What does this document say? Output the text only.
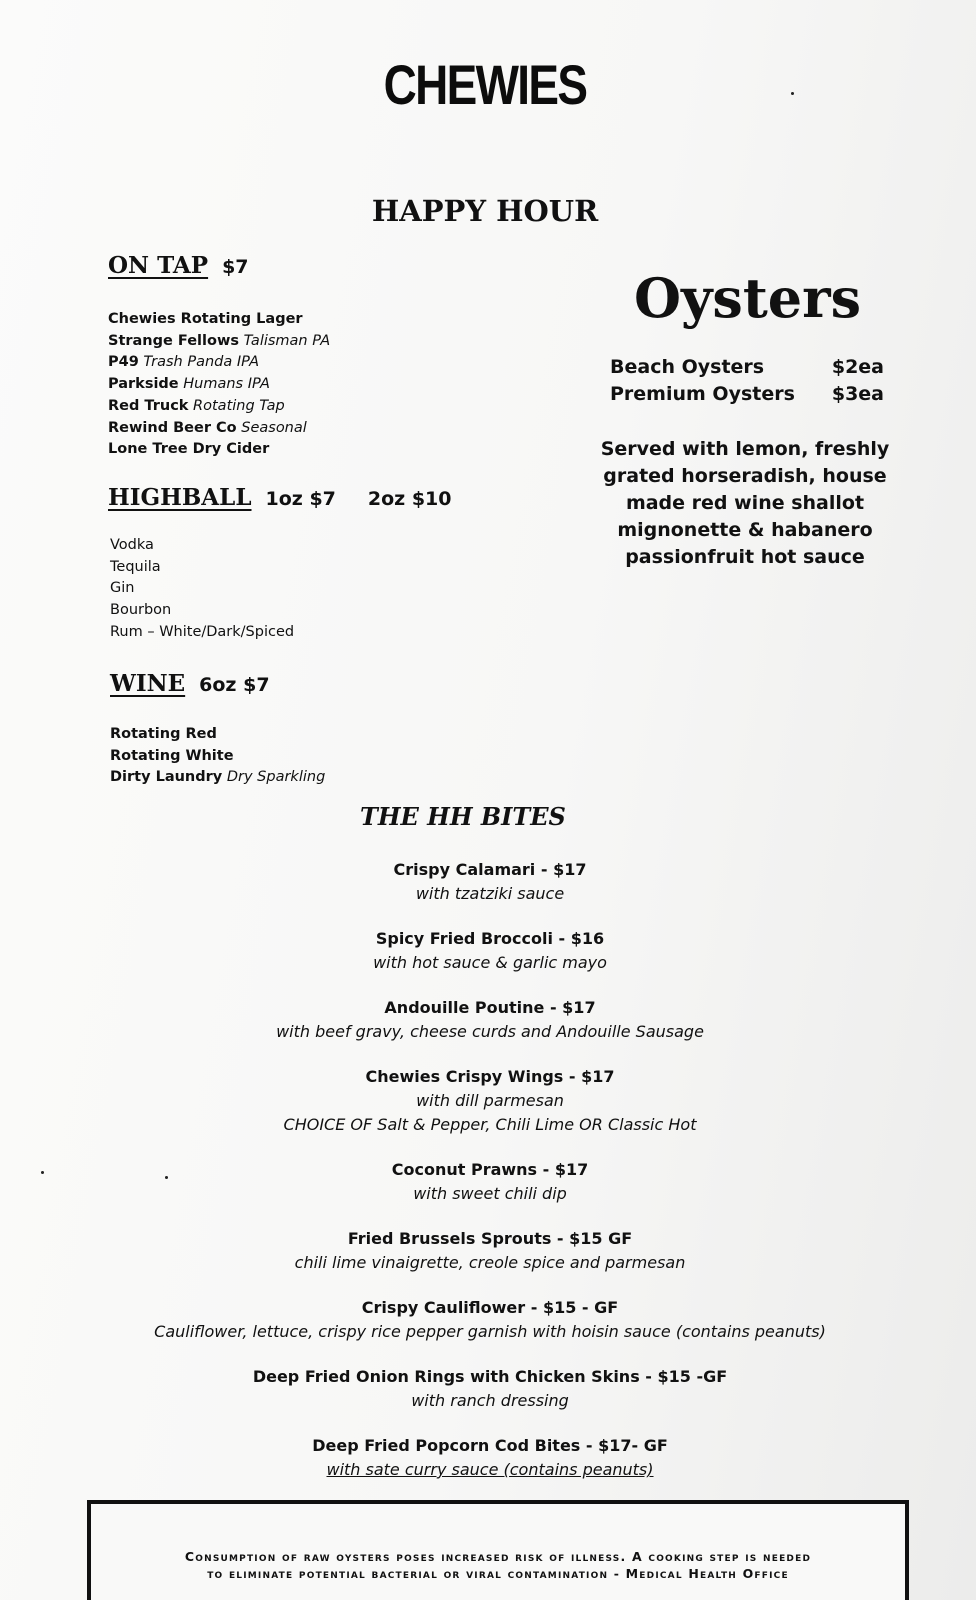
CHEWIES
HAPPY HOUR
ON TAP $7
Chewies Rotating Lager
Strange Fellows Talisman PA
P49 Trash Panda IPA
Parkside Humans IPA
Red Truck Rotating Tap
Rewind Beer Co Seasonal
Lone Tree Dry Cider
HIGHBALL 1oz $7 2oz $10
Vodka
Tequila
Gin
Bourbon
Rum – White/Dark/Spiced
WINE 6oz $7
Rotating Red
Rotating White
Dirty Laundry Dry Sparkling
Oysters
Beach Oysters	$2ea
Premium Oysters $3ea
Served with lemon, freshly
grated horseradish, house
made red wine shallot
mignonette & habanero
passionfruit hot sauce
THE HH BITES
Crispy Calamari - $17
with tzatziki sauce
Spicy Fried Broccoli - $16
with hot sauce & garlic mayo
Andouille Poutine - $17
with beef gravy, cheese curds and Andouille Sausage
Chewies Crispy Wings - $17
with dill parmesan
CHOICE OF Salt & Pepper, Chili Lime OR Classic Hot
Coconut Prawns - $17
with sweet chili dip
Fried Brussels Sprouts - $15 GF
chili lime vinaigrette, creole spice and parmesan
Crispy Cauliflower - $15 - GF
Cauliflower, lettuce, crispy rice pepper garnish with hoisin sauce (contains peanuts)
Deep Fried Onion Rings with Chicken Skins - $15 -GF
with ranch dressing
Deep Fried Popcorn Cod Bites - $17- GF
with sate curry sauce (contains peanuts)
Consumption of raw oysters poses increased risk of illness. A cooking step is needed
to eliminate potential bacterial or viral contamination - Medical Health Office
